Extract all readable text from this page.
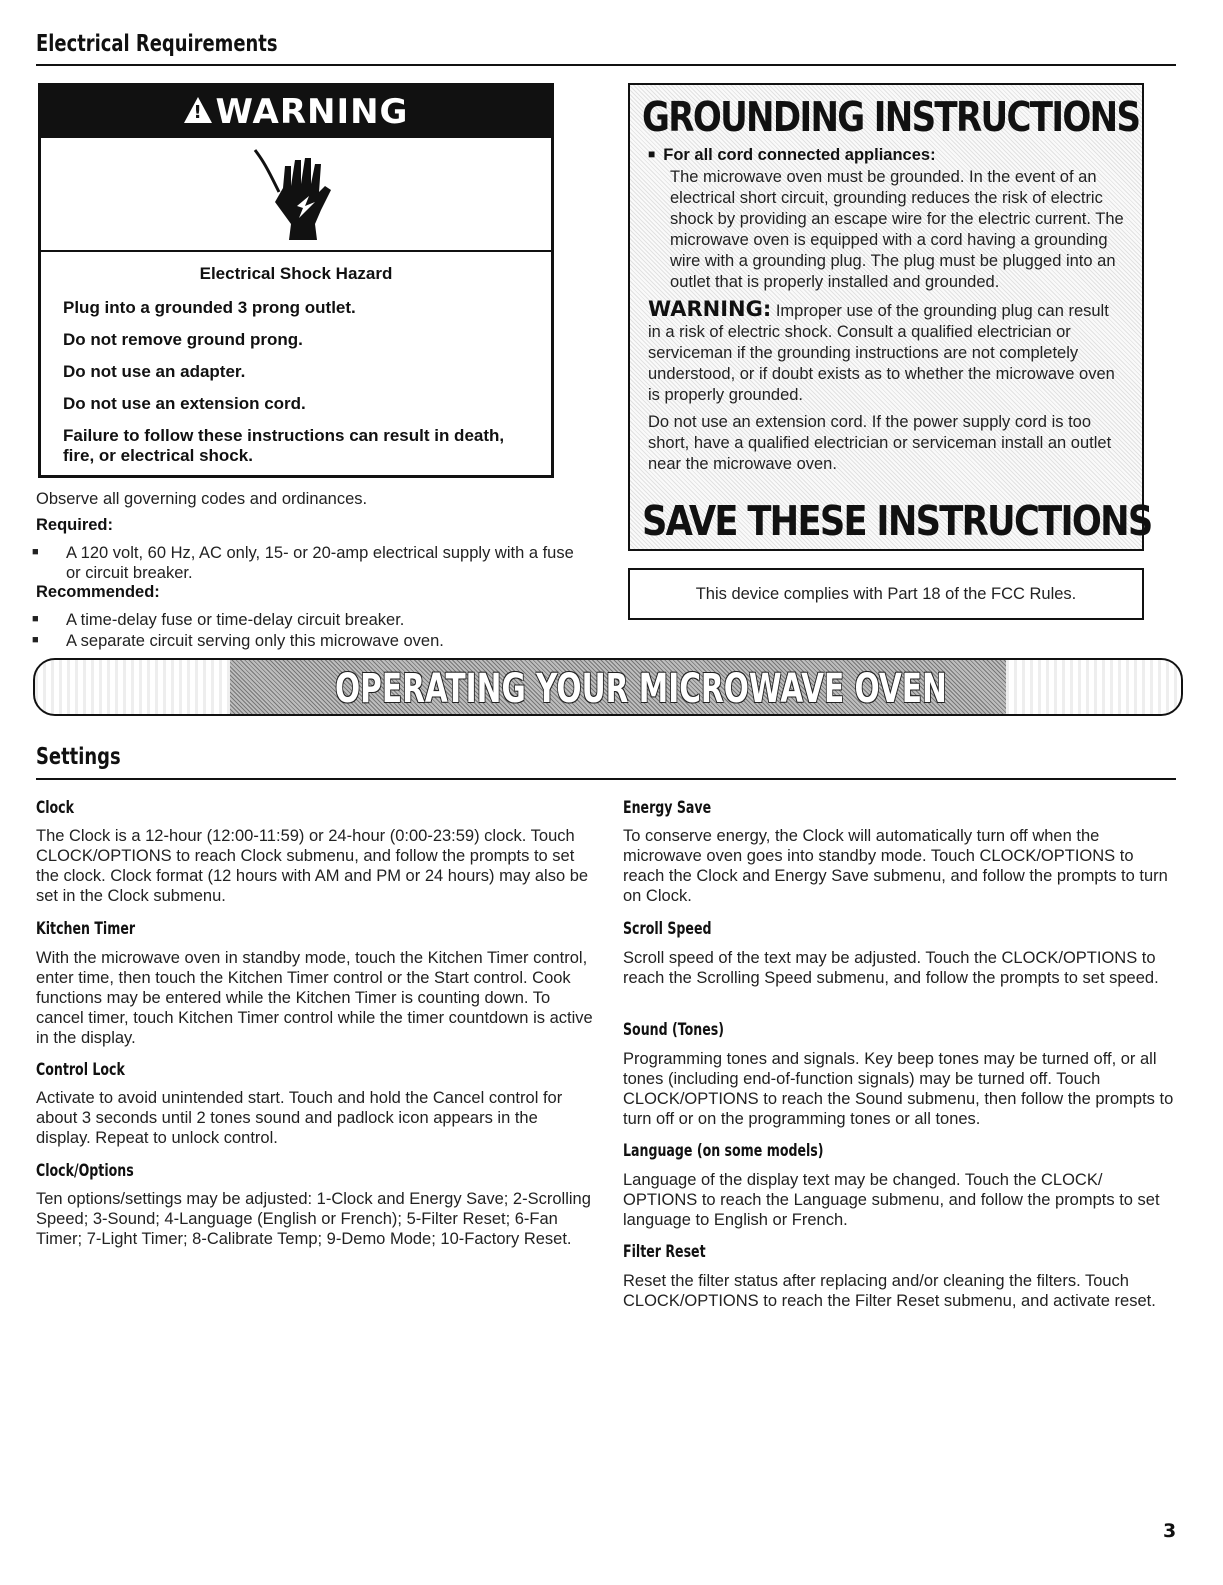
Electrical Requirements
! WARNING
Electrical Shock Hazard
Plug into a grounded 3 prong outlet.
Do not remove ground prong.
Do not use an adapter.
Do not use an extension cord.
Failure to follow these instructions can result in death, fire, or electrical shock.
Observe all governing codes and ordinances.
Required:
■ A 120 volt, 60 Hz, AC only, 15- or 20-amp electrical supply with a fuse or circuit breaker.
Recommended:
■ A time-delay fuse or time-delay circuit breaker.
■ A separate circuit serving only this microwave oven.
GROUNDING INSTRUCTIONS
■ For all cord connected appliances:
The microwave oven must be grounded. In the event of an electrical short circuit, grounding reduces the risk of electric shock by providing an escape wire for the electric current. The microwave oven is equipped with a cord having a grounding wire with a grounding plug. The plug must be plugged into an outlet that is properly installed and grounded.
WARNING: Improper use of the grounding plug can result in a risk of electric shock. Consult a qualified electrician or serviceman if the grounding instructions are not completely understood, or if doubt exists as to whether the microwave oven is properly grounded.
Do not use an extension cord. If the power supply cord is too short, have a qualified electrician or serviceman install an outlet near the microwave oven.
SAVE THESE INSTRUCTIONS
This device complies with Part 18 of the FCC Rules.
OPERATING YOUR MICROWAVE OVEN
Settings
Clock
The Clock is a 12-hour (12:00-11:59) or 24-hour (0:00-23:59) clock. Touch CLOCK/OPTIONS to reach Clock submenu, and follow the prompts to set the clock. Clock format (12 hours with AM and PM or 24 hours) may also be set in the Clock submenu.
Kitchen Timer
With the microwave oven in standby mode, touch the Kitchen Timer control, enter time, then touch the Kitchen Timer control or the Start control. Cook functions may be entered while the Kitchen Timer is counting down. To cancel timer, touch Kitchen Timer control while the timer countdown is active in the display.
Control Lock
Activate to avoid unintended start. Touch and hold the Cancel control for about 3 seconds until 2 tones sound and padlock icon appears in the display. Repeat to unlock control.
Clock/Options
Ten options/settings may be adjusted: 1-Clock and Energy Save; 2-Scrolling Speed; 3-Sound; 4-Language (English or French); 5-Filter Reset; 6-Fan Timer; 7-Light Timer; 8-Calibrate Temp; 9-Demo Mode; 10-Factory Reset.
Energy Save
To conserve energy, the Clock will automatically turn off when the microwave oven goes into standby mode. Touch CLOCK/OPTIONS to reach the Clock and Energy Save submenu, and follow the prompts to turn on Clock.
Scroll Speed
Scroll speed of the text may be adjusted. Touch the CLOCK/OPTIONS to reach the Scrolling Speed submenu, and follow the prompts to set speed.
Sound (Tones)
Programming tones and signals. Key beep tones may be turned off, or all tones (including end-of-function signals) may be turned off. Touch CLOCK/OPTIONS to reach the Sound submenu, then follow the prompts to turn off or on the programming tones or all tones.
Language (on some models)
Language of the display text may be changed. Touch the CLOCK/ OPTIONS to reach the Language submenu, and follow the prompts to set language to English or French.
Filter Reset
Reset the filter status after replacing and/or cleaning the filters. Touch CLOCK/OPTIONS to reach the Filter Reset submenu, and activate reset.
3
